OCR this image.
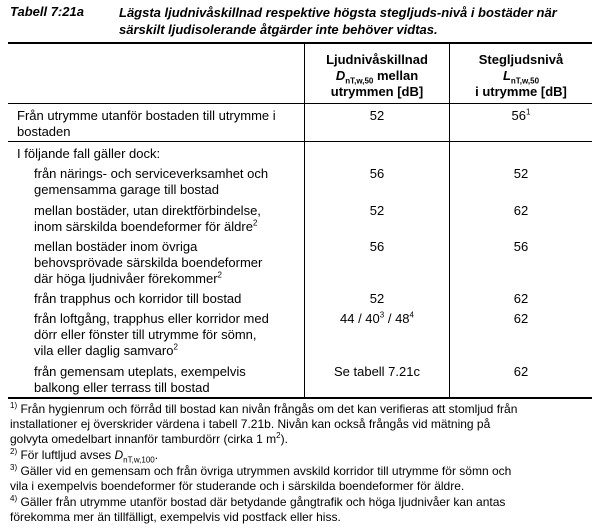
Tabell 7:21a	Lägsta ljudnivåskillnad respektive högsta stegljuds-nivå i bostäder när särskilt ljudisolerande åtgärder inte behöver vidtas.
Ljudnivåskillnad
$D_{nT,w,50}$ mellan
utrymmen [dB]
Stegljudsnivå
$L_{nT,w,50}$
i utrymme [dB]
Från utrymme utanför bostaden till utrymme i
bostaden
52	$56^1$
I följande fall gäller dock:
från närings- och serviceverksamhet och
gemensamma garage till bostad
56	52
mellan bostäder, utan direktförbindelse,
inom särskilda boendeformer för äldre$^2$
52	62
mellan bostäder inom övriga
behovsprövade särskilda boendeformer
där höga ljudnivåer förekommer$^2$
56	56
från trapphus och korridor till bostad	52	62
från loftgång, trapphus eller korridor med
dörr eller fönster till utrymme för sömn,
vila eller daglig samvaro$^2$
$44 / 40^3 / 48^4$	62
från gemensam uteplats, exempelvis
balkong eller terrass till bostad
Se tabell 7.21c	62
$^{1)}$ Från hygienrum och förråd till bostad kan nivån frångås om det kan verifieras att stomljud från
installationer ej överskrider värdena i tabell 7.21b. Nivån kan också frångås vid mätning på
golvyta omedelbart innanför tamburdörr (cirka 1 $m^2$).
$^{2)}$ För luftljud avses $D_{nT,w,100}$.
$^{3)}$ Gäller vid en gemensam och från övriga utrymmen avskild korridor till utrymme för sömn och
vila i exempelvis boendeformer för studerande och i särskilda boendeformer för äldre.
$^{4)}$ Gäller från utrymme utanför bostad där betydande gångtrafik och höga ljudnivåer kan antas
förekomma mer än tillfälligt, exempelvis vid postfack eller hiss.
